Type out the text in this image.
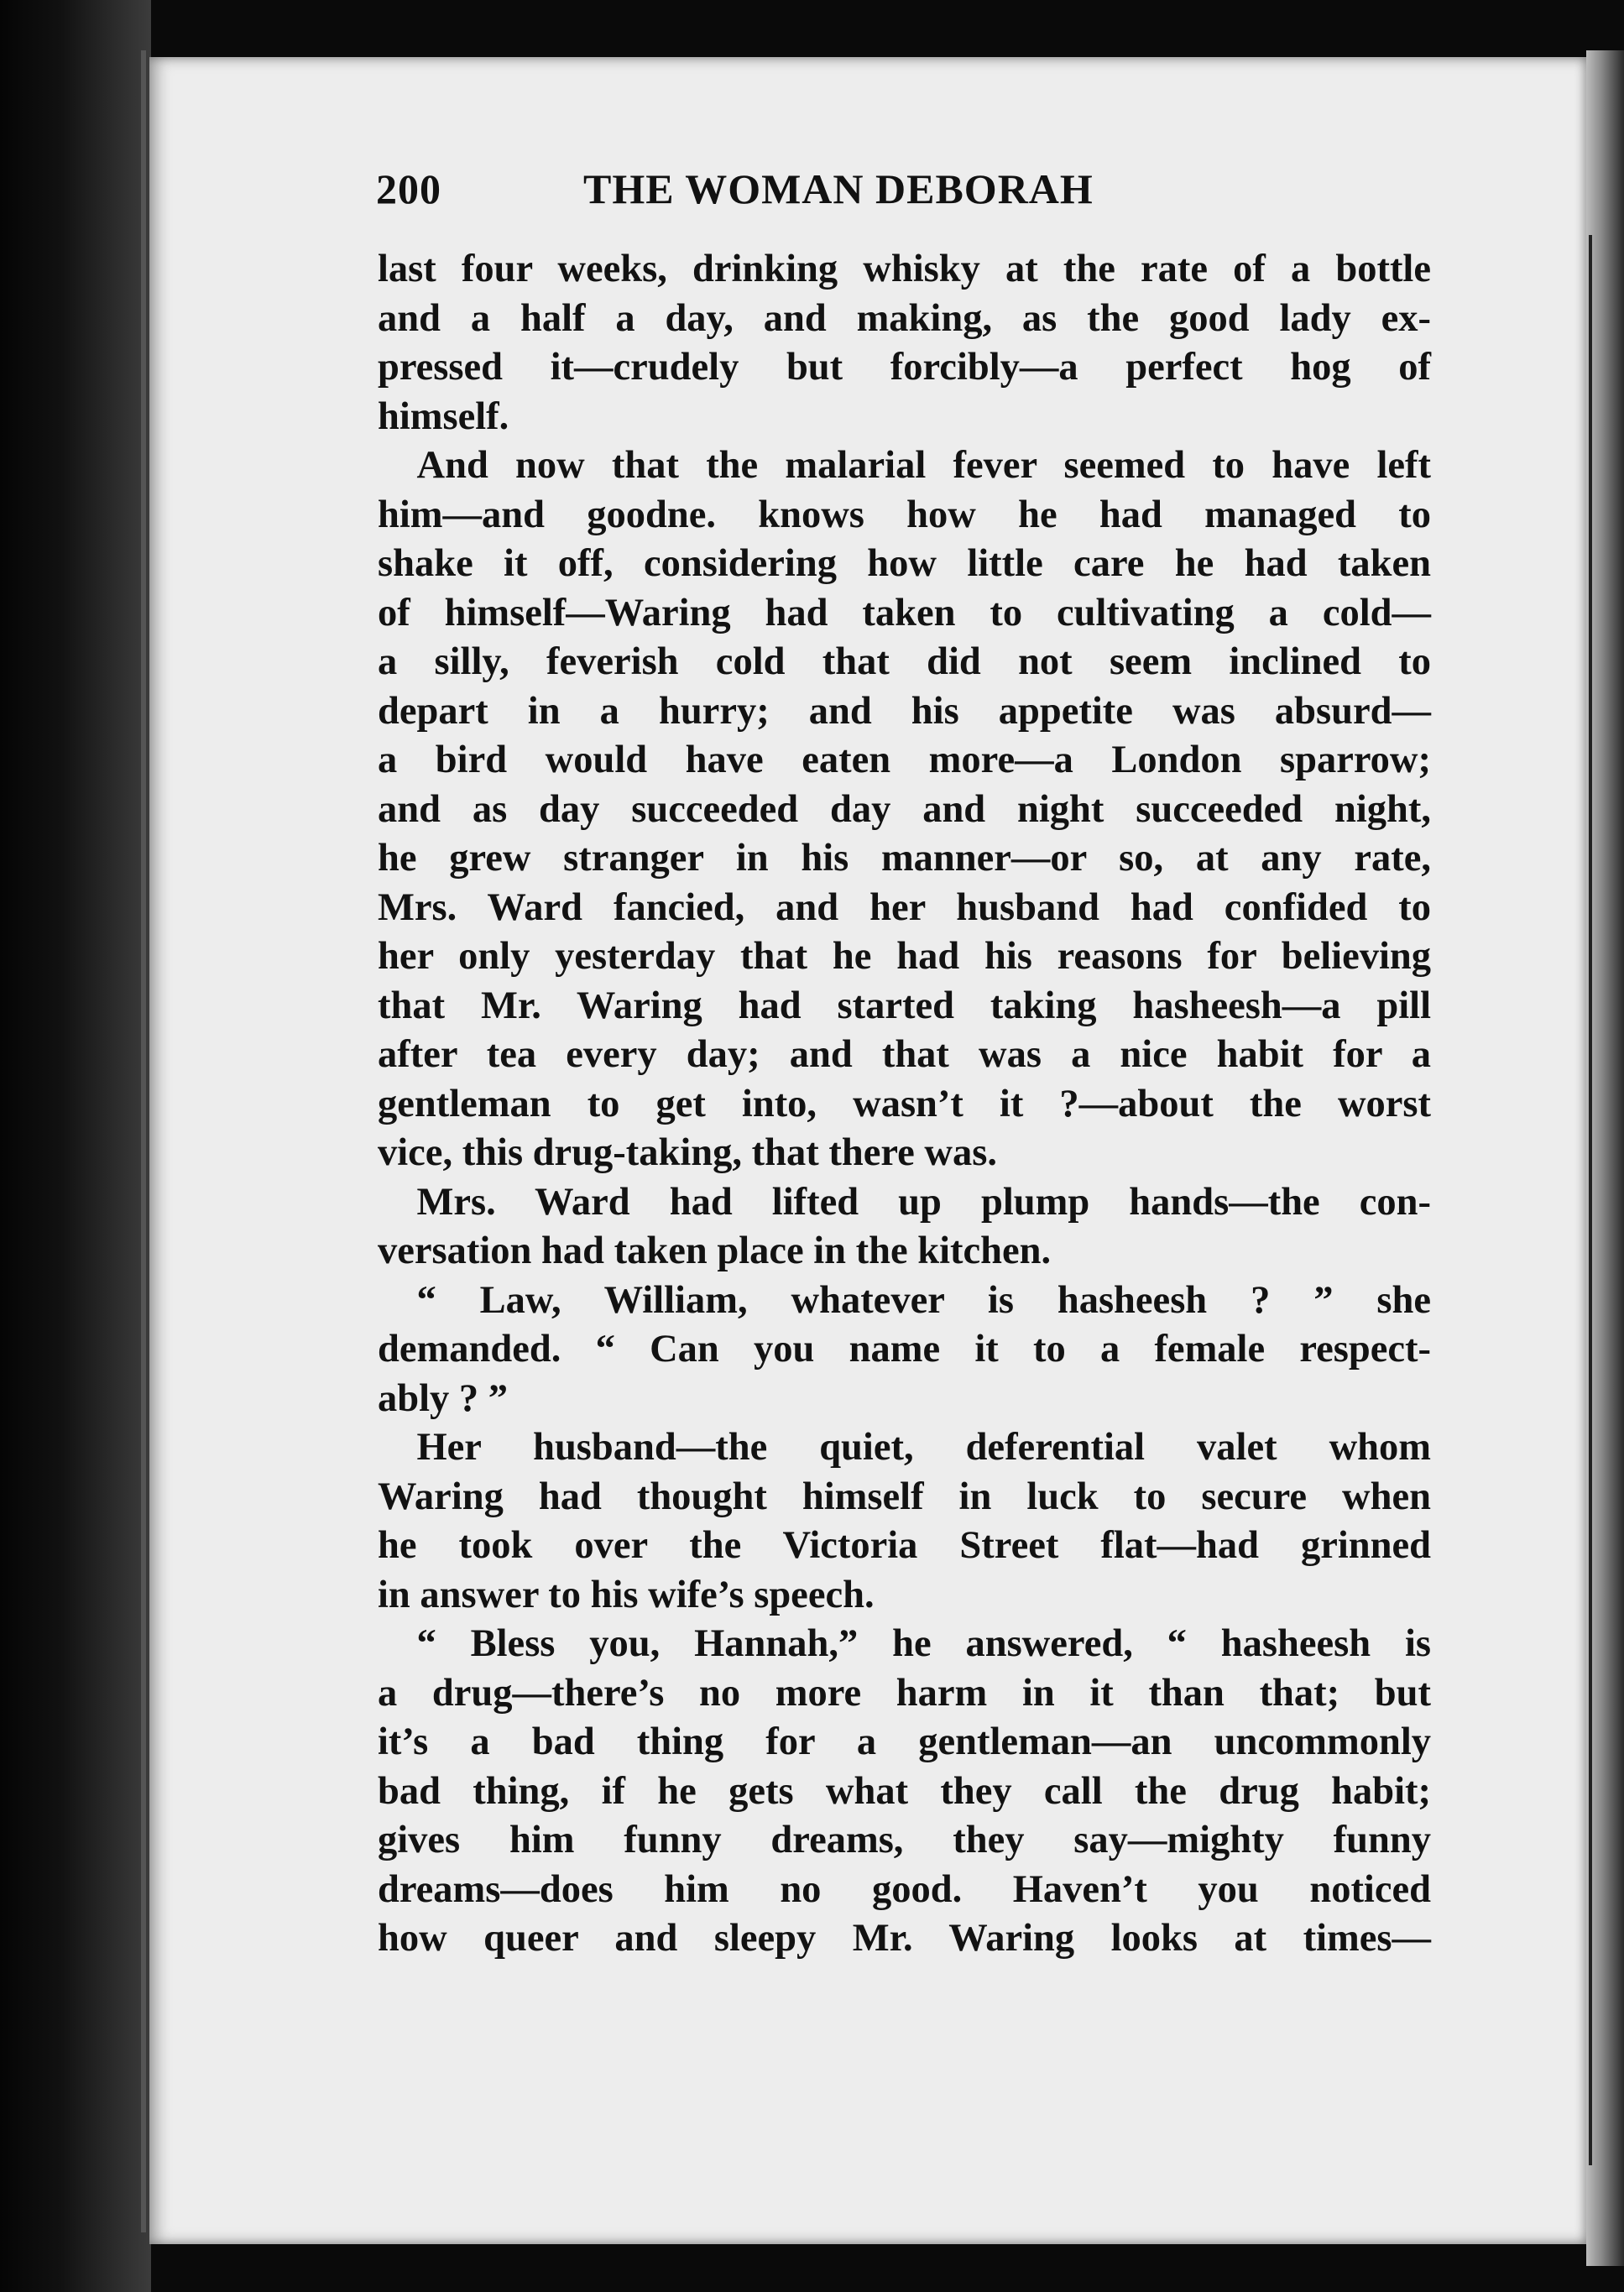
200	THE WOMAN DEBORAH
last four weeks, drinking whisky at the rate of a bottle
and a half a day, and making, as the good lady ex-
pressed it—crudely but forcibly—a perfect hog of
himself.
 And now that the malarial fever seemed to have left
him—and goodne. knows how he had managed to
shake it off, considering how little care he had taken
of himself—Waring had taken to cultivating a cold—
a silly, feverish cold that did not seem inclined to
depart in a hurry; and his appetite was absurd—
a bird would have eaten more—a London sparrow;
and as day succeeded day and night succeeded night,
he grew stranger in his manner—or so, at any rate,
Mrs. Ward fancied, and her husband had confided to
her only yesterday that he had his reasons for believing
that Mr. Waring had started taking hasheesh—a pill
after tea every day; and that was a nice habit for a
gentleman to get into, wasn’t it ?—about the worst
vice, this drug-taking, that there was.
 Mrs. Ward had lifted up plump hands—the con-
versation had taken place in the kitchen.
 “ Law, William, whatever is hasheesh ? ” she
demanded. “ Can you name it to a female respect-
ably ? ”
 Her husband—the quiet, deferential valet whom
Waring had thought himself in luck to secure when
he took over the Victoria Street flat—had grinned
in answer to his wife’s speech.
 “ Bless you, Hannah,” he answered, “ hasheesh is
a drug—there’s no more harm in it than that; but
it’s a bad thing for a gentleman—an uncommonly
bad thing, if he gets what they call the drug habit;
gives him funny dreams, they say—mighty funny
dreams—does him no good. Haven’t you noticed
how queer and sleepy Mr. Waring looks at times—
